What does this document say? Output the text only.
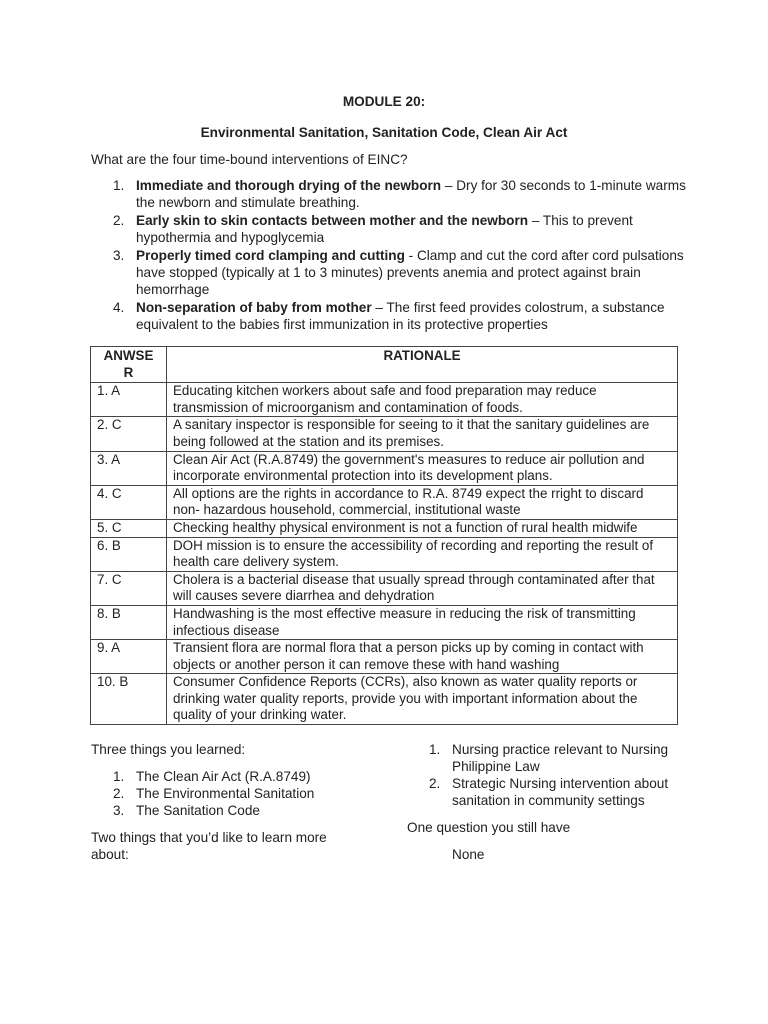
MODULE 20:
Environmental Sanitation, Sanitation Code, Clean Air Act
What are the four time-bound interventions of EINC?
1. Immediate and thorough drying of the newborn – Dry for 30 seconds to 1-minute warms the newborn and stimulate breathing.
2. Early skin to skin contacts between mother and the newborn – This to prevent hypothermia and hypoglycemia
3. Properly timed cord clamping and cutting - Clamp and cut the cord after cord pulsations have stopped (typically at 1 to 3 minutes) prevents anemia and protect against brain hemorrhage
4. Non-separation of baby from mother – The first feed provides colostrum, a substance equivalent to the babies first immunization in its protective properties
ANWSE R	RATIONALE
1. A	Educating kitchen workers about safe and food preparation may reduce transmission of microorganism and contamination of foods.
2. C	A sanitary inspector is responsible for seeing to it that the sanitary guidelines are being followed at the station and its premises.
3. A	Clean Air Act (R.A.8749) the government's measures to reduce air pollution and incorporate environmental protection into its development plans.
4. C	All options are the rights in accordance to R.A. 8749 expect the rright to discard non- hazardous household, commercial, institutional waste
5. C	Checking healthy physical environment is not a function of rural health midwife
6. B	DOH mission is to ensure the accessibility of recording and reporting the result of health care delivery system.
7. C	Cholera is a bacterial disease that usually spread through contaminated after that will causes severe diarrhea and dehydration
8. B	Handwashing is the most effective measure in reducing the risk of transmitting infectious disease
9. A	Transient flora are normal flora that a person picks up by coming in contact with objects or another person it can remove these with hand washing
10. B	Consumer Confidence Reports (CCRs), also known as water quality reports or drinking water quality reports, provide you with important information about the quality of your drinking water.
Three things you learned:
1. The Clean Air Act (R.A.8749)
2. The Environmental Sanitation
3. The Sanitation Code
Two things that you’d like to learn more about:
1. Nursing practice relevant to Nursing Philippine Law
2. Strategic Nursing intervention about sanitation in community settings
One question you still have
None
